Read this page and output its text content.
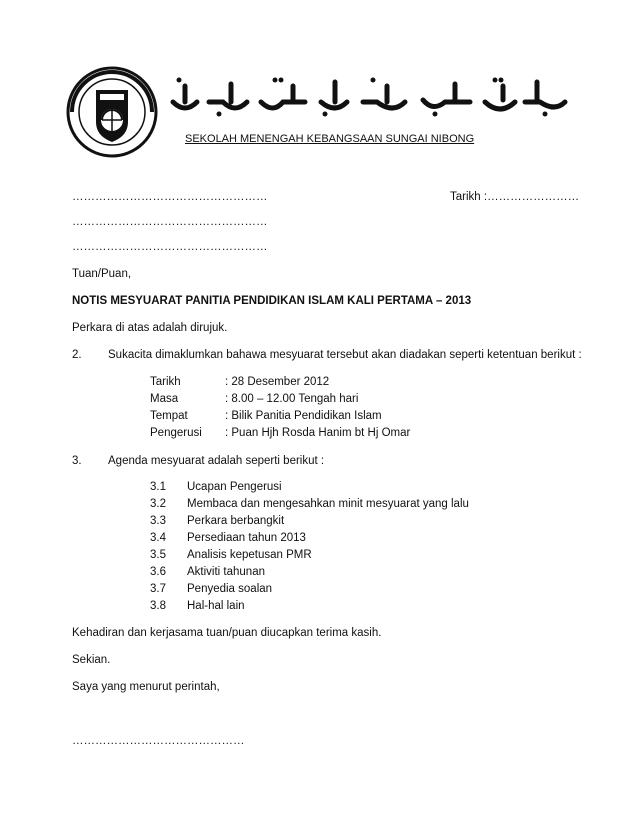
SEKOLAH MENENGAH KEBANGSAAN SUNGAI NIBONG
……………………………………………	Tarikh :……………………
……………………………………………
……………………………………………
Tuan/Puan,
NOTIS MESYUARAT PANITIA PENDIDIKAN ISLAM KALI PERTAMA – 2013
Perkara di atas adalah dirujuk.
2. Sukacita dimaklumkan bahawa mesyuarat tersebut akan diadakan seperti ketentuan berikut :
Tarikh	: 28 Desember 2012
Masa	: 8.00 – 12.00 Tengah hari
Tempat	: Bilik Panitia Pendidikan Islam
Pengerusi : Puan Hjh Rosda Hanim bt Hj Omar
3. Agenda mesyuarat adalah seperti berikut :
3.1 Ucapan Pengerusi
3.2 Membaca dan mengesahkan minit mesyuarat yang lalu
3.3 Perkara berbangkit
3.4 Persediaan tahun 2013
3.5 Analisis kepetusan PMR
3.6 Aktiviti tahunan
3.7 Penyedia soalan
3.8 Hal-hal lain
Kehadiran dan kerjasama tuan/puan diucapkan terima kasih.
Sekian.
Saya yang menurut perintah,
………………………………………
